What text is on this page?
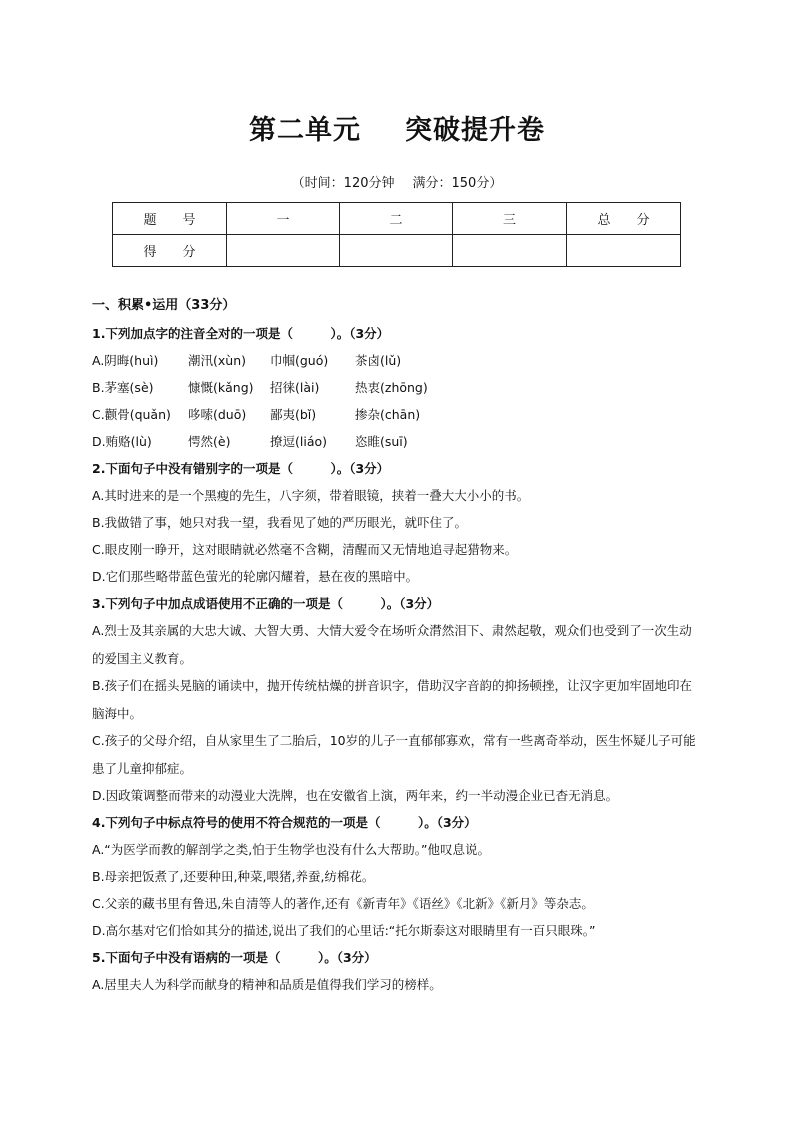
第二单元 突破提升卷
（时间：120分钟 满分：150分）
题　　号	一	二	三	总　　分
得　　分				
一、积累•运用（33分）
1.下列加点字的注音全对的一项是（　　　）。（3分）
A.阴晦(huì) 潮汛(xùn) 巾帼(guó) 茶卤(lǔ)
B.茅塞(sè)	慷慨(kǎng) 招徕(lài)	热衷(zhōng)
C.颧骨(quǎn) 哆嗦(duō) 鄙夷(bǐ)	掺杂(chān)
D.贿赂(lù)	愕然(è)	撩逗(liáo) 恣睢(suī)
2.下面句子中没有错别字的一项是（　　　）。（3分）
A.其时进来的是一个黑瘦的先生，八字须，带着眼镜，挟着一叠大大小小的书。
B.我做错了事，她只对我一望，我看见了她的严历眼光，就吓住了。
C.眼皮刚一睁开，这对眼睛就必然毫不含糊，清醒而又无情地追寻起猎物来。
D.它们那些略带蓝色萤光的轮廓闪耀着，悬在夜的黑暗中。
3.下列句子中加点成语使用不正确的一项是（　　　）。（3分）
A.烈士及其亲属的大忠大诚、大智大勇、大情大爱令在场听众潸然泪下、肃然起敬，观众们也受到了一次生动的爱国主义教育。
B.孩子们在摇头晃脑的诵读中，抛开传统枯燥的拼音识字，借助汉字音韵的抑扬顿挫，让汉字更加牢固地印在脑海中。
C.孩子的父母介绍，自从家里生了二胎后，10岁的儿子一直郁郁寡欢，常有一些离奇举动，医生怀疑儿子可能患了儿童抑郁症。
D.因政策调整而带来的动漫业大洗牌，也在安徽省上演，两年来，约一半动漫企业已杳无消息。
4.下列句子中标点符号的使用不符合规范的一项是（　　　）。（3分）
A.“为医学而教的解剖学之类,怕于生物学也没有什么大帮助。”他叹息说。
B.母亲把饭煮了,还要种田,种菜,喂猪,养蚕,纺棉花。
C.父亲的藏书里有鲁迅,朱自清等人的著作,还有《新青年》《语丝》《北新》《新月》等杂志。
D.高尔基对它们恰如其分的描述,说出了我们的心里话:“托尔斯泰这对眼睛里有一百只眼珠。”
5.下面句子中没有语病的一项是（　　　）。（3分）
A.居里夫人为科学而献身的精神和品质是值得我们学习的榜样。
